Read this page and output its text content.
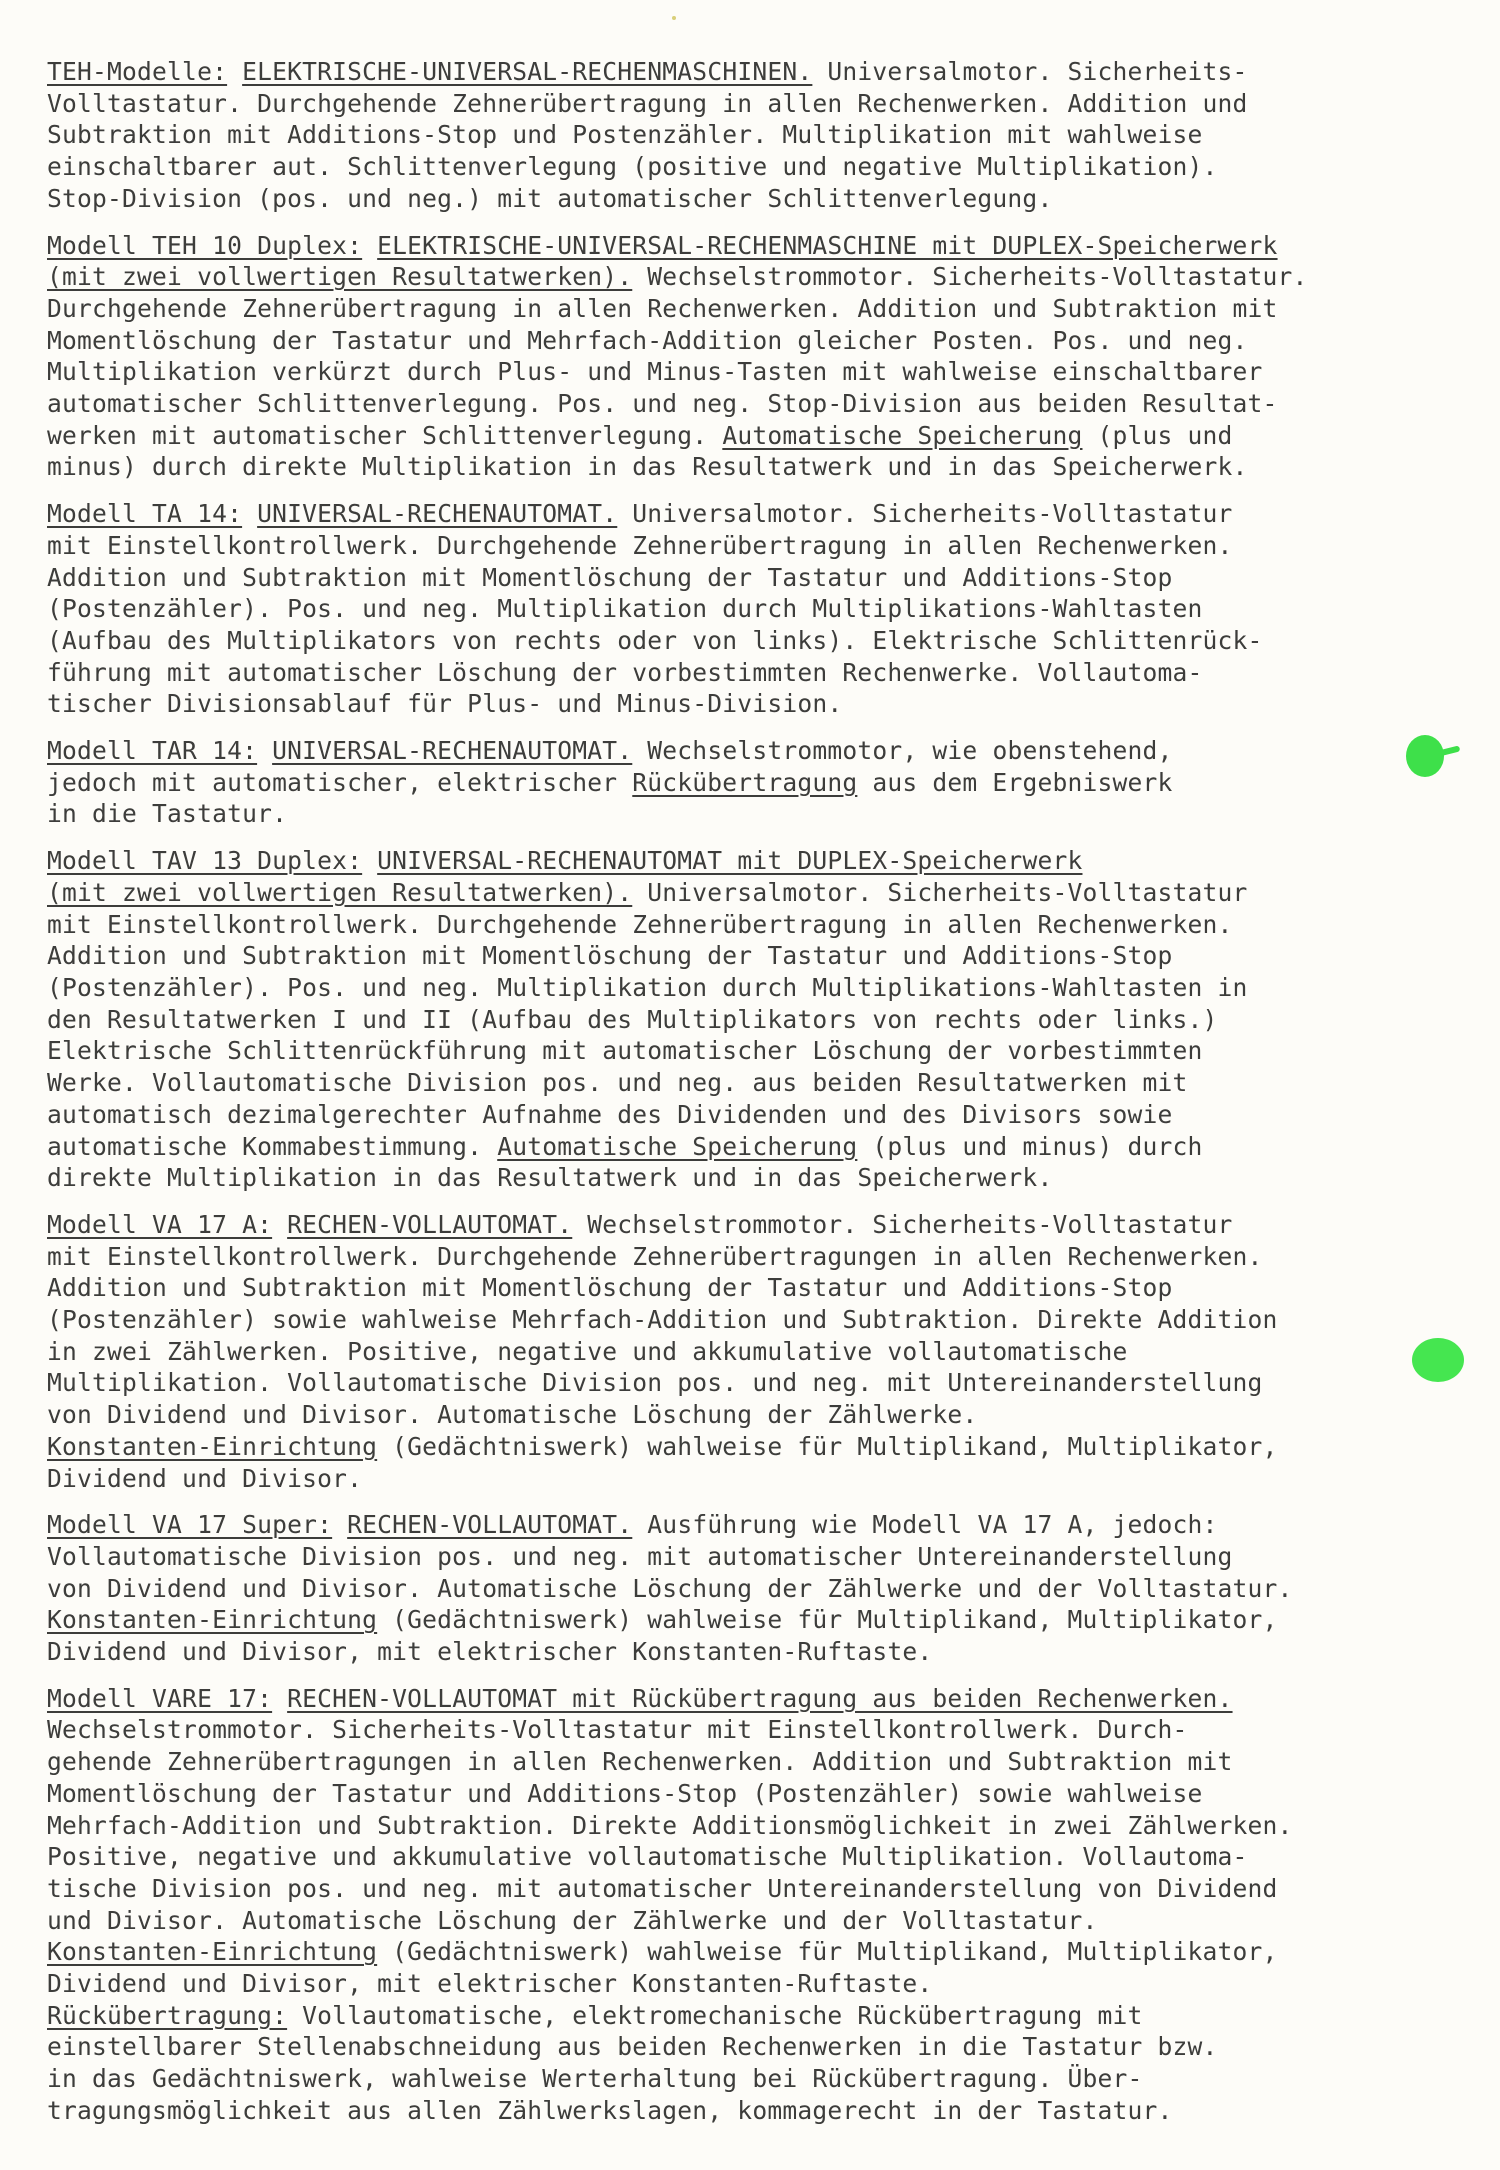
TEH-Modelle: ELEKTRISCHE-UNIVERSAL-RECHENMASCHINEN. Universalmotor. Sicherheits-
Volltastatur. Durchgehende Zehnerübertragung in allen Rechenwerken. Addition und
Subtraktion mit Additions-Stop und Postenzähler. Multiplikation mit wahlweise
einschaltbarer aut. Schlittenverlegung (positive und negative Multiplikation).
Stop-Division (pos. und neg.) mit automatischer Schlittenverlegung.
Modell TEH 10 Duplex: ELEKTRISCHE-UNIVERSAL-RECHENMASCHINE mit DUPLEX-Speicherwerk
(mit zwei vollwertigen Resultatwerken). Wechselstrommotor. Sicherheits-Volltastatur.
Durchgehende Zehnerübertragung in allen Rechenwerken. Addition und Subtraktion mit
Momentlöschung der Tastatur und Mehrfach-Addition gleicher Posten. Pos. und neg.
Multiplikation verkürzt durch Plus- und Minus-Tasten mit wahlweise einschaltbarer
automatischer Schlittenverlegung. Pos. und neg. Stop-Division aus beiden Resultat-
werken mit automatischer Schlittenverlegung. Automatische Speicherung (plus und
minus) durch direkte Multiplikation in das Resultatwerk und in das Speicherwerk.
Modell TA 14: UNIVERSAL-RECHENAUTOMAT. Universalmotor. Sicherheits-Volltastatur
mit Einstellkontrollwerk. Durchgehende Zehnerübertragung in allen Rechenwerken.
Addition und Subtraktion mit Momentlöschung der Tastatur und Additions-Stop
(Postenzähler). Pos. und neg. Multiplikation durch Multiplikations-Wahltasten
(Aufbau des Multiplikators von rechts oder von links). Elektrische Schlittenrück-
führung mit automatischer Löschung der vorbestimmten Rechenwerke. Vollautoma-
tischer Divisionsablauf für Plus- und Minus-Division.
Modell TAR 14: UNIVERSAL-RECHENAUTOMAT. Wechselstrommotor, wie obenstehend,
jedoch mit automatischer, elektrischer Rückübertragung aus dem Ergebniswerk
in die Tastatur.
Modell TAV 13 Duplex: UNIVERSAL-RECHENAUTOMAT mit DUPLEX-Speicherwerk
(mit zwei vollwertigen Resultatwerken). Universalmotor. Sicherheits-Volltastatur
mit Einstellkontrollwerk. Durchgehende Zehnerübertragung in allen Rechenwerken.
Addition und Subtraktion mit Momentlöschung der Tastatur und Additions-Stop
(Postenzähler). Pos. und neg. Multiplikation durch Multiplikations-Wahltasten in
den Resultatwerken I und II (Aufbau des Multiplikators von rechts oder links.)
Elektrische Schlittenrückführung mit automatischer Löschung der vorbestimmten
Werke. Vollautomatische Division pos. und neg. aus beiden Resultatwerken mit
automatisch dezimalgerechter Aufnahme des Dividenden und des Divisors sowie
automatische Kommabestimmung. Automatische Speicherung (plus und minus) durch
direkte Multiplikation in das Resultatwerk und in das Speicherwerk.
Modell VA 17 A: RECHEN-VOLLAUTOMAT. Wechselstrommotor. Sicherheits-Volltastatur
mit Einstellkontrollwerk. Durchgehende Zehnerübertragungen in allen Rechenwerken.
Addition und Subtraktion mit Momentlöschung der Tastatur und Additions-Stop
(Postenzähler) sowie wahlweise Mehrfach-Addition und Subtraktion. Direkte Addition
in zwei Zählwerken. Positive, negative und akkumulative vollautomatische
Multiplikation. Vollautomatische Division pos. und neg. mit Untereinanderstellung
von Dividend und Divisor. Automatische Löschung der Zählwerke.
Konstanten-Einrichtung (Gedächtniswerk) wahlweise für Multiplikand, Multiplikator,
Dividend und Divisor.
Modell VA 17 Super: RECHEN-VOLLAUTOMAT. Ausführung wie Modell VA 17 A, jedoch:
Vollautomatische Division pos. und neg. mit automatischer Untereinanderstellung
von Dividend und Divisor. Automatische Löschung der Zählwerke und der Volltastatur.
Konstanten-Einrichtung (Gedächtniswerk) wahlweise für Multiplikand, Multiplikator,
Dividend und Divisor, mit elektrischer Konstanten-Ruftaste.
Modell VARE 17: RECHEN-VOLLAUTOMAT mit Rückübertragung aus beiden Rechenwerken.
Wechselstrommotor. Sicherheits-Volltastatur mit Einstellkontrollwerk. Durch-
gehende Zehnerübertragungen in allen Rechenwerken. Addition und Subtraktion mit
Momentlöschung der Tastatur und Additions-Stop (Postenzähler) sowie wahlweise
Mehrfach-Addition und Subtraktion. Direkte Additionsmöglichkeit in zwei Zählwerken.
Positive, negative und akkumulative vollautomatische Multiplikation. Vollautoma-
tische Division pos. und neg. mit automatischer Untereinanderstellung von Dividend
und Divisor. Automatische Löschung der Zählwerke und der Volltastatur.
Konstanten-Einrichtung (Gedächtniswerk) wahlweise für Multiplikand, Multiplikator,
Dividend und Divisor, mit elektrischer Konstanten-Ruftaste.
Rückübertragung: Vollautomatische, elektromechanische Rückübertragung mit
einstellbarer Stellenabschneidung aus beiden Rechenwerken in die Tastatur bzw.
in das Gedächtniswerk, wahlweise Werterhaltung bei Rückübertragung. Über-
tragungsmöglichkeit aus allen Zählwerkslagen, kommagerecht in der Tastatur.
